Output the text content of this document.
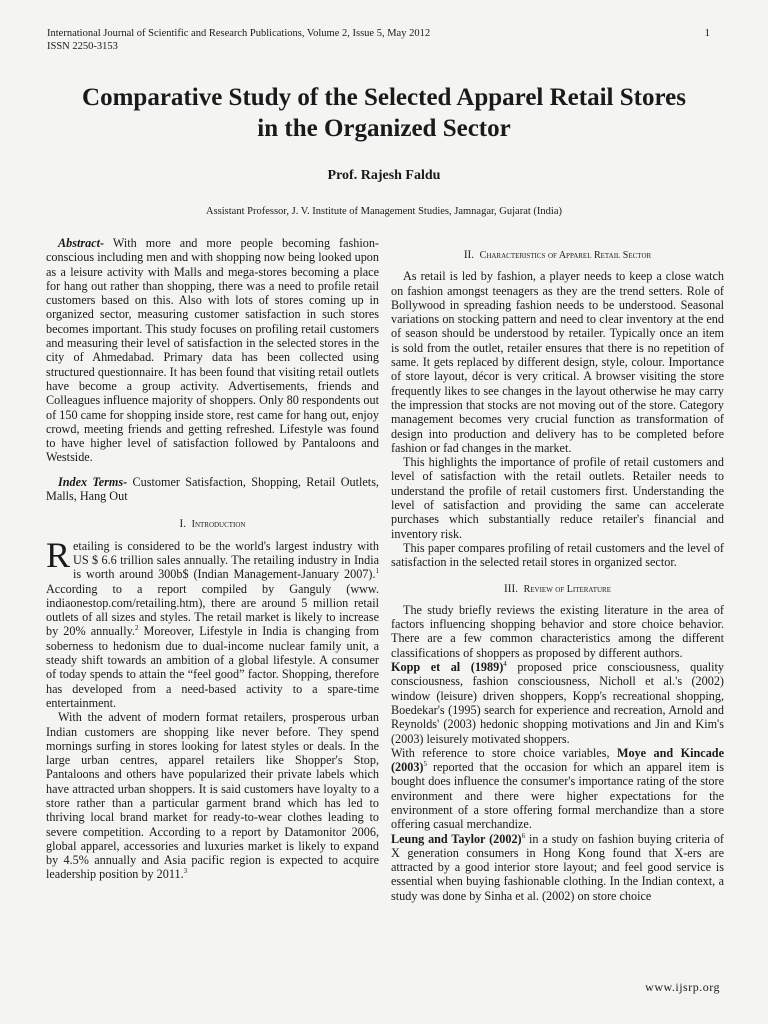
International Journal of Scientific and Research Publications, Volume 2, Issue 5, May 2012
ISSN 2250-3153
1
Comparative Study of the Selected Apparel Retail Stores
in the Organized Sector
Prof. Rajesh Faldu
Assistant Professor, J. V. Institute of Management Studies, Jamnagar, Gujarat (India)

Abstract- With more and more people becoming fashion-conscious including men and with shopping now being looked upon as a leisure activity with Malls and mega-stores becoming a place for hang out rather than shopping, there was a need to profile retail customers based on this. Also with lots of stores coming up in organized sector, measuring customer satisfaction in such stores becomes important. This study focuses on profiling retail customers and measuring their level of satisfaction in the selected stores in the city of Ahmedabad. Primary data has been collected using structured questionnaire. It has been found that visiting retail outlets have become a group activity. Advertisements, friends and Colleagues influence majority of shoppers. Only 80 respondents out of 150 came for shopping inside store, rest came for hang out, enjoy crowd, meeting friends and getting refreshed. Lifestyle was found to have higher level of satisfaction followed by Pantaloons and Westside.

Index Terms- Customer Satisfaction, Shopping, Retail Outlets, Malls, Hang Out

I. Introduction

Retailing is considered to be the world's largest industry with US $ 6.6 trillion sales annually. The retailing industry in India is worth around 300b$ (Indian Management-January 2007).$^1$ According to a report compiled by Ganguly (www. indiaonestop.com/retailing.htm), there are around 5 million retail outlets of all sizes and styles. The retail market is likely to increase by 20% annually.$^2$ Moreover, Lifestyle in India is changing from soberness to hedonism due to dual-income nuclear family unit, a steady shift towards an ambition of a global lifestyle. A consumer of today spends to attain the “feel good” factor. Shopping, therefore has developed from a need-based activity to a spare-time entertainment.

With the advent of modern format retailers, prosperous urban Indian customers are shopping like never before. They spend mornings surfing in stores looking for latest styles or deals. In the large urban centres, apparel retailers like Shopper's Stop, Pantaloons and others have popularized their private labels which have attracted urban shoppers. It is said customers have loyalty to a store rather than a particular garment brand which has led to thriving local brand market for ready-to-wear clothes leading to severe competition. According to a report by Datamonitor 2006, global apparel, accessories and luxuries market is likely to expand by 4.5% annually and Asia pacific region is expected to acquire leadership position by 2011.$^3$

II. Characteristics of Apparel Retail Sector

As retail is led by fashion, a player needs to keep a close watch on fashion amongst teenagers as they are the trend setters. Role of Bollywood in spreading fashion needs to be understood. Seasonal variations on stocking pattern and need to clear inventory at the end of season should be understood by retailer. Typically once an item is sold from the outlet, retailer ensures that there is no repetition of same. It gets replaced by different design, style, colour. Importance of store layout, décor is very critical. A browser visiting the store frequently likes to see changes in the layout otherwise he may carry the impression that stocks are not moving out of the store. Category management becomes very crucial function as transformation of design into production and delivery has to be completed before fashion or fad changes in the market.

This highlights the importance of profile of retail customers and level of satisfaction with the retail outlets. Retailer needs to understand the profile of retail customers first. Understanding the level of satisfaction and providing the same can accelerate purchases which substantially reduce retailer's financial and inventory risk.

This paper compares profiling of retail customers and the level of satisfaction in the selected retail stores in organized sector.

III. Review of Literature

The study briefly reviews the existing literature in the area of factors influencing shopping behavior and store choice behavior. There are a few common characteristics among the different classifications of shoppers as proposed by different authors.

Kopp et al $(1989)^4$ proposed price consciousness, quality consciousness, fashion consciousness, Nicholl et al.'s (2002) window (leisure) driven shoppers, Kopp's recreational shopping, Boedekar's (1995) search for experience and recreation, Arnold and Reynolds' (2003) hedonic shopping motivations and Jin and Kim's (2003) leisurely motivated shoppers.

With reference to store choice variables, Moye and Kincade $(2003)^5$ reported that the occasion for which an apparel item is bought does influence the consumer's importance rating of the store environment and there were higher expectations for the environment of a store offering formal merchandize than a store offering casual merchandize.

Leung and Taylor $(2002)^6$ in a study on fashion buying criteria of X generation consumers in Hong Kong found that X-ers are attracted by a good interior store layout; and feel good service is essential when buying fashionable clothing. In the Indian context, a study was done by Sinha et al. (2002) on store choice

www.ijsrp.org
